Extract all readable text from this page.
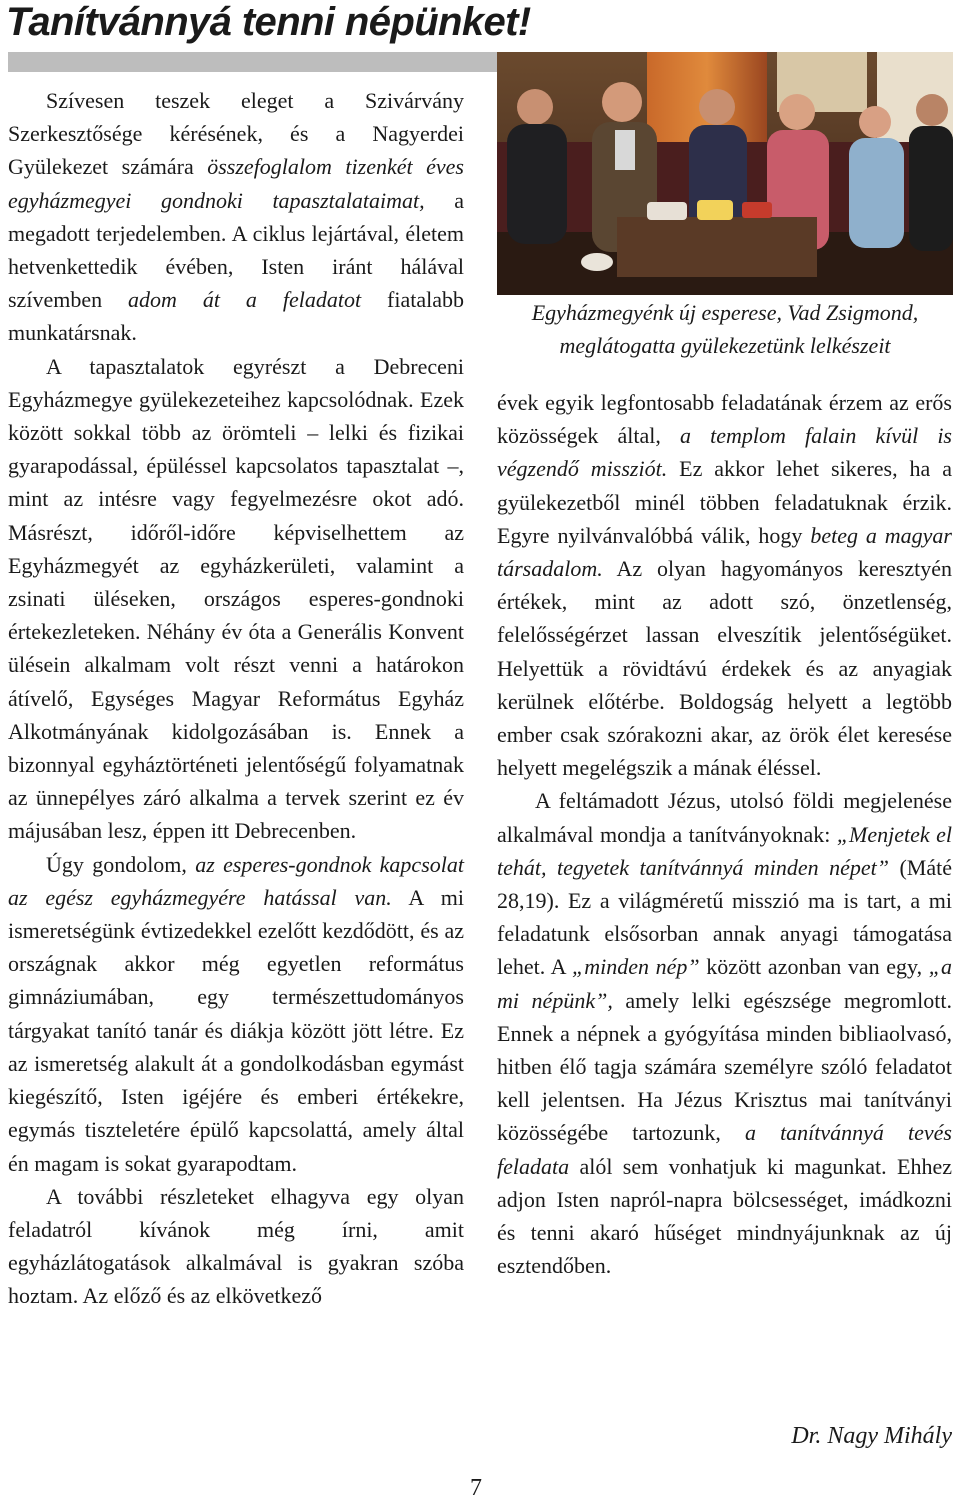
Tanítvánnyá tenni népünket!

Szívesen teszek eleget a Szivárvány Szerkesztősége kérésének, és a Nagyerdei Gyülekezet számára összefoglalom tizenkét éves egyházmegyei gondnoki tapasztalataimat, a megadott terjedelemben. A ciklus lejártával, életem hetvenkettedik évében, Isten iránt hálával szívemben adom át a feladatot fiatalabb munkatársnak.

A tapasztalatok egyrészt a Debreceni Egyházmegye gyülekezeteihez kapcsolódnak. Ezek között sokkal több az örömteli – lelki és fizikai gyarapodással, épüléssel kapcsolatos tapasztalat –, mint az intésre vagy fegyelmezésre okot adó. Másrészt, időről-időre képviselhettem az Egyházmegyét az egyházkerületi, valamint a zsinati üléseken, országos esperes-gondnoki értekezleteken. Néhány év óta a Generális Konvent ülésein alkalmam volt részt venni a határokon átívelő, Egységes Magyar Református Egyház Alkotmányának kidolgozásában is. Ennek a bizonnyal egyháztörténeti jelentőségű folyamatnak az ünnepélyes záró alkalma a tervek szerint ez év májusában lesz, éppen itt Debrecenben.

Úgy gondolom, az esperes-gondnok kapcsolat az egész egyházmegyére hatással van. A mi ismeretségünk évtizedekkel ezelőtt kezdődött, és az országnak akkor még egyetlen református gimnáziumában, egy természettudományos tárgyakat tanító tanár és diákja között jött létre. Ez az ismeretség alakult át a gondolkodásban egymást kiegészítő, Isten igéjére és emberi értékekre, egymás tiszteletére épülő kapcsolattá, amely által én magam is sokat gyarapodtam.

A további részleteket elhagyva egy olyan feladatról kívánok még írni, amit egyházlátogatások alkalmával is gyakran szóba hoztam. Az előző és az elkövetkező

Egyházmegyénk új esperese, Vad Zsigmond,
meglátogatta gyülekezetünk lelkészeit

évek egyik legfontosabb feladatának érzem az erős közösségek által, a templom falain kívül is végzendő missziót. Ez akkor lehet sikeres, ha a gyülekezetből minél többen feladatuknak érzik. Egyre nyilvánvalóbbá válik, hogy beteg a magyar társadalom. Az olyan hagyományos keresztyén értékek, mint az adott szó, önzetlenség, felelősségérzet lassan elveszítik jelentőségüket. Helyettük a rövidtávú érdekek és az anyagiak kerülnek előtérbe. Boldogság helyett a legtöbb ember csak szórakozni akar, az örök élet keresése helyett megelégszik a mának éléssel.

A feltámadott Jézus, utolsó földi megjelenése alkalmával mondja a tanítványoknak: „Menjetek el tehát, tegyetek tanítvánnyá minden népet” (Máté 28,19). Ez a világméretű misszió ma is tart, a mi feladatunk elsősorban annak anyagi támogatása lehet. A „minden nép” között azonban van egy, „a mi népünk”, amely lelki egészsége megromlott. Ennek a népnek a gyógyítása minden bibliaolvasó, hitben élő tagja számára személyre szóló feladatot kell jelentsen. Ha Jézus Krisztus mai tanítványi közösségébe tartozunk, a tanítvánnyá tevés feladata alól sem vonhatjuk ki magunkat. Ehhez adjon Isten napról-napra bölcsességet, imádkozni és tenni akaró hűséget mindnyájunknak az új esztendőben.

Dr. Nagy Mihály
7
